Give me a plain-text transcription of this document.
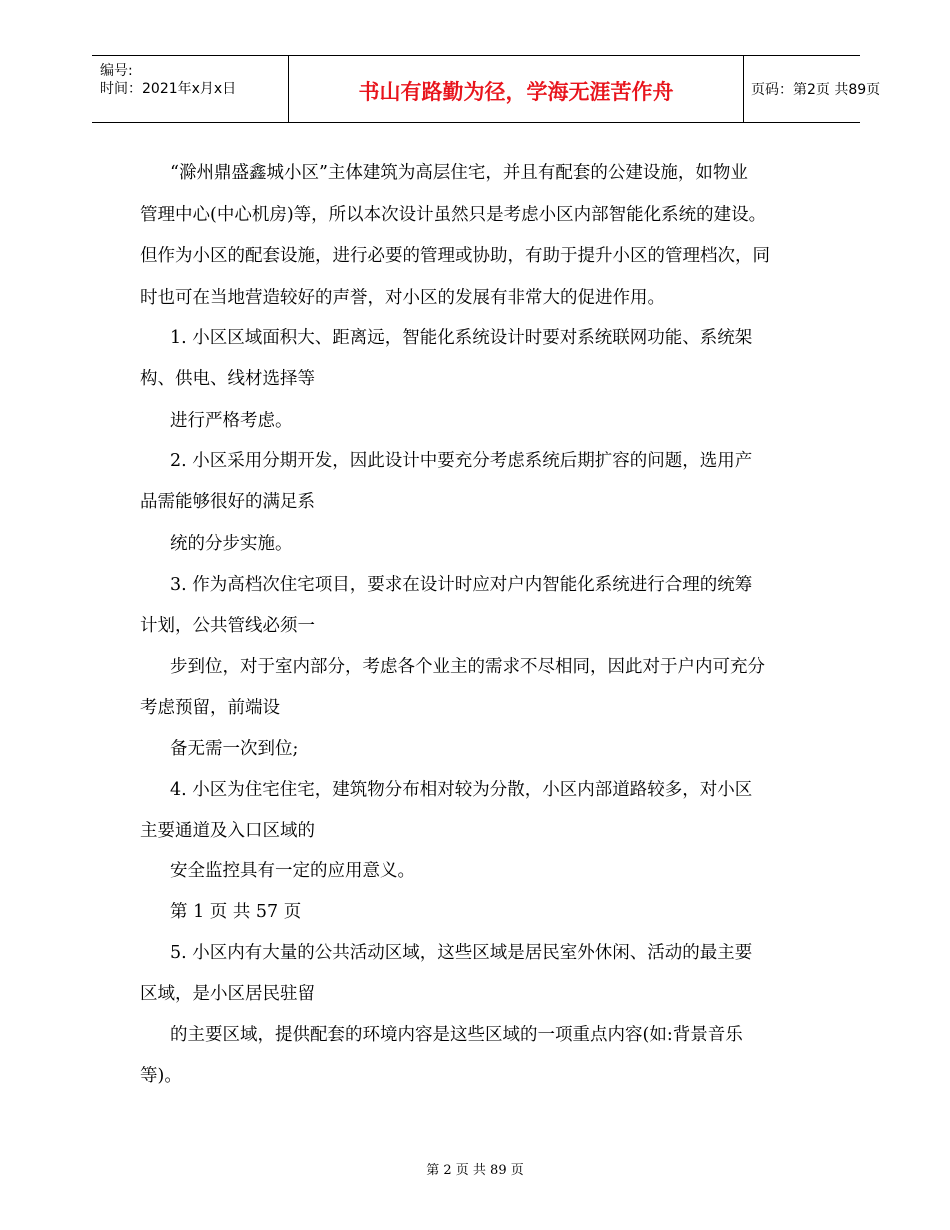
编号:
时间：2021年x月x日	书山有路勤为径，学海无涯苦作舟	页码：第2页 共89页
“滁州鼎盛鑫城小区”主体建筑为高层住宅，并且有配套的公建设施，如物业
管理中心(中心机房)等，所以本次设计虽然只是考虑小区内部智能化系统的建设。
但作为小区的配套设施，进行必要的管理或协助，有助于提升小区的管理档次，同
时也可在当地营造较好的声誉，对小区的发展有非常大的促进作用。
1. 小区区域面积大、距离远，智能化系统设计时要对系统联网功能、系统架
构、供电、线材选择等
进行严格考虑。
2. 小区采用分期开发，因此设计中要充分考虑系统后期扩容的问题，选用产
品需能够很好的满足系
统的分步实施。
3. 作为高档次住宅项目，要求在设计时应对户内智能化系统进行合理的统筹
计划，公共管线必须一
步到位，对于室内部分，考虑各个业主的需求不尽相同，因此对于户内可充分
考虑预留，前端设
备无需一次到位;
4. 小区为住宅住宅，建筑物分布相对较为分散，小区内部道路较多，对小区
主要通道及入口区域的
安全监控具有一定的应用意义。
第 1 页 共 57 页
5. 小区内有大量的公共活动区域，这些区域是居民室外休闲、活动的最主要
区域，是小区居民驻留
的主要区域，提供配套的环境内容是这些区域的一项重点内容(如:背景音乐
等)。
第 2 页 共 89 页
